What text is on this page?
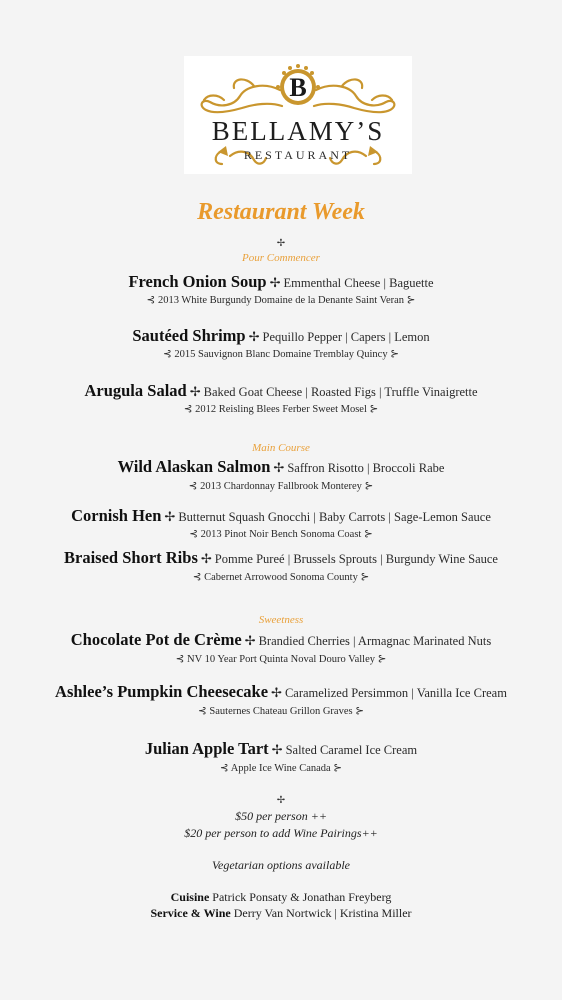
B
BELLAMY’S
RESTAURANT
Restaurant Week
✢
Pour Commencer
French Onion Soup ✢ Emmenthal Cheese | Baguette
⊰ 2013 White Burgundy Domaine de la Denante Saint Veran ⊱
Sautéed Shrimp ✢ Pequillo Pepper | Capers | Lemon
⊰ 2015 Sauvignon Blanc Domaine Tremblay Quincy ⊱
Arugula Salad ✢ Baked Goat Cheese | Roasted Figs | Truffle Vinaigrette
⊰ 2012 Reisling Blees Ferber Sweet Mosel ⊱
Main Course
Wild Alaskan Salmon ✢ Saffron Risotto | Broccoli Rabe
⊰ 2013 Chardonnay Fallbrook Monterey ⊱
Cornish Hen ✢ Butternut Squash Gnocchi | Baby Carrots | Sage-Lemon Sauce
⊰ 2013 Pinot Noir Bench Sonoma Coast ⊱
Braised Short Ribs ✢ Pomme Pureé | Brussels Sprouts | Burgundy Wine Sauce
⊰ Cabernet Arrowood Sonoma County ⊱
Sweetness
Chocolate Pot de Crème ✢ Brandied Cherries | Armagnac Marinated Nuts
⊰ NV 10 Year Port Quinta Noval Douro Valley ⊱
Ashlee’s Pumpkin Cheesecake ✢ Caramelized Persimmon | Vanilla Ice Cream
⊰ Sauternes Chateau Grillon Graves ⊱
Julian Apple Tart ✢ Salted Caramel Ice Cream
⊰ Apple Ice Wine Canada ⊱
✢
$50 per person ++
$20 per person to add Wine Pairings++
Vegetarian options available
Cuisine Patrick Ponsaty & Jonathan Freyberg
Service & Wine Derry Van Nortwick | Kristina Miller
